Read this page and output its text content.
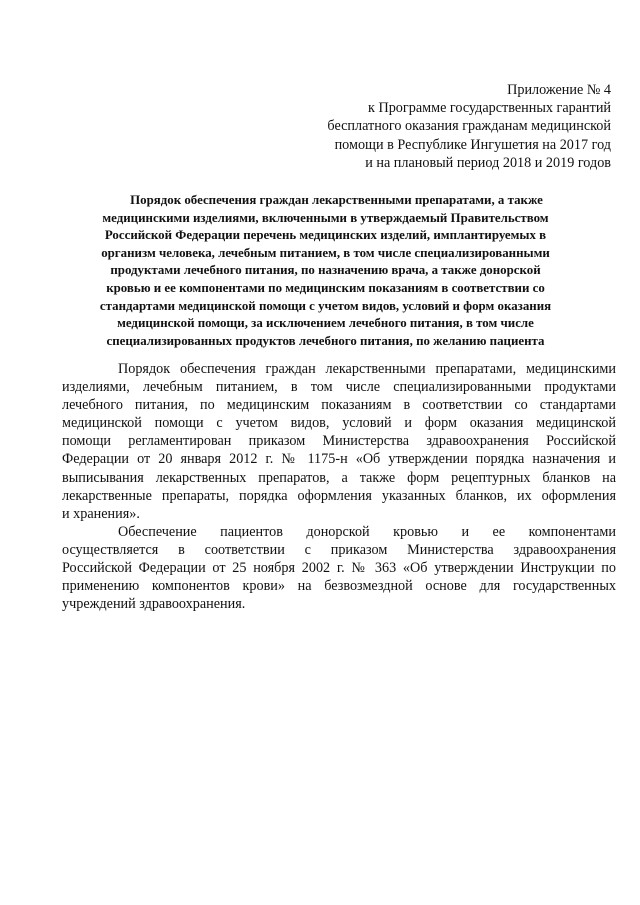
Приложение № 4
к Программе государственных гарантий
бесплатного оказания гражданам медицинской
помощи в Республике Ингушетия на 2017 год
и на плановый период 2018 и 2019 годов
Порядок обеспечения граждан лекарственными препаратами, а также
медицинскими изделиями, включенными в утверждаемый Правительством
Российской Федерации перечень медицинских изделий, имплантируемых в
организм человека, лечебным питанием, в том числе специализированными
продуктами лечебного питания, по назначению врача, а также донорской
кровью и ее компонентами по медицинским показаниям в соответствии со
стандартами медицинской помощи с учетом видов, условий и форм оказания
медицинской помощи, за исключением лечебного питания, в том числе
специализированных продуктов лечебного питания, по желанию пациента
Порядок обеспечения граждан лекарственными препаратами, медицинскими
изделиями, лечебным питанием, в том числе специализированными продуктами
лечебного питания, по медицинским показаниям в соответствии со стандартами
медицинской помощи с учетом видов, условий и форм оказания медицинской
помощи регламентирован приказом Министерства здравоохранения Российской
Федерации от 20 января 2012 г. № 1175-н «Об утверждении порядка назначения и
выписывания лекарственных препаратов, а также форм рецептурных бланков на
лекарственные препараты, порядка оформления указанных бланков, их оформления
и хранения».
Обеспечение пациентов донорской кровью и ее компонентами
осуществляется в соответствии с приказом Министерства здравоохранения
Российской Федерации от 25 ноября 2002 г. № 363 «Об утверждении Инструкции по
применению компонентов крови» на безвозмездной основе для государственных
учреждений здравоохранения.
